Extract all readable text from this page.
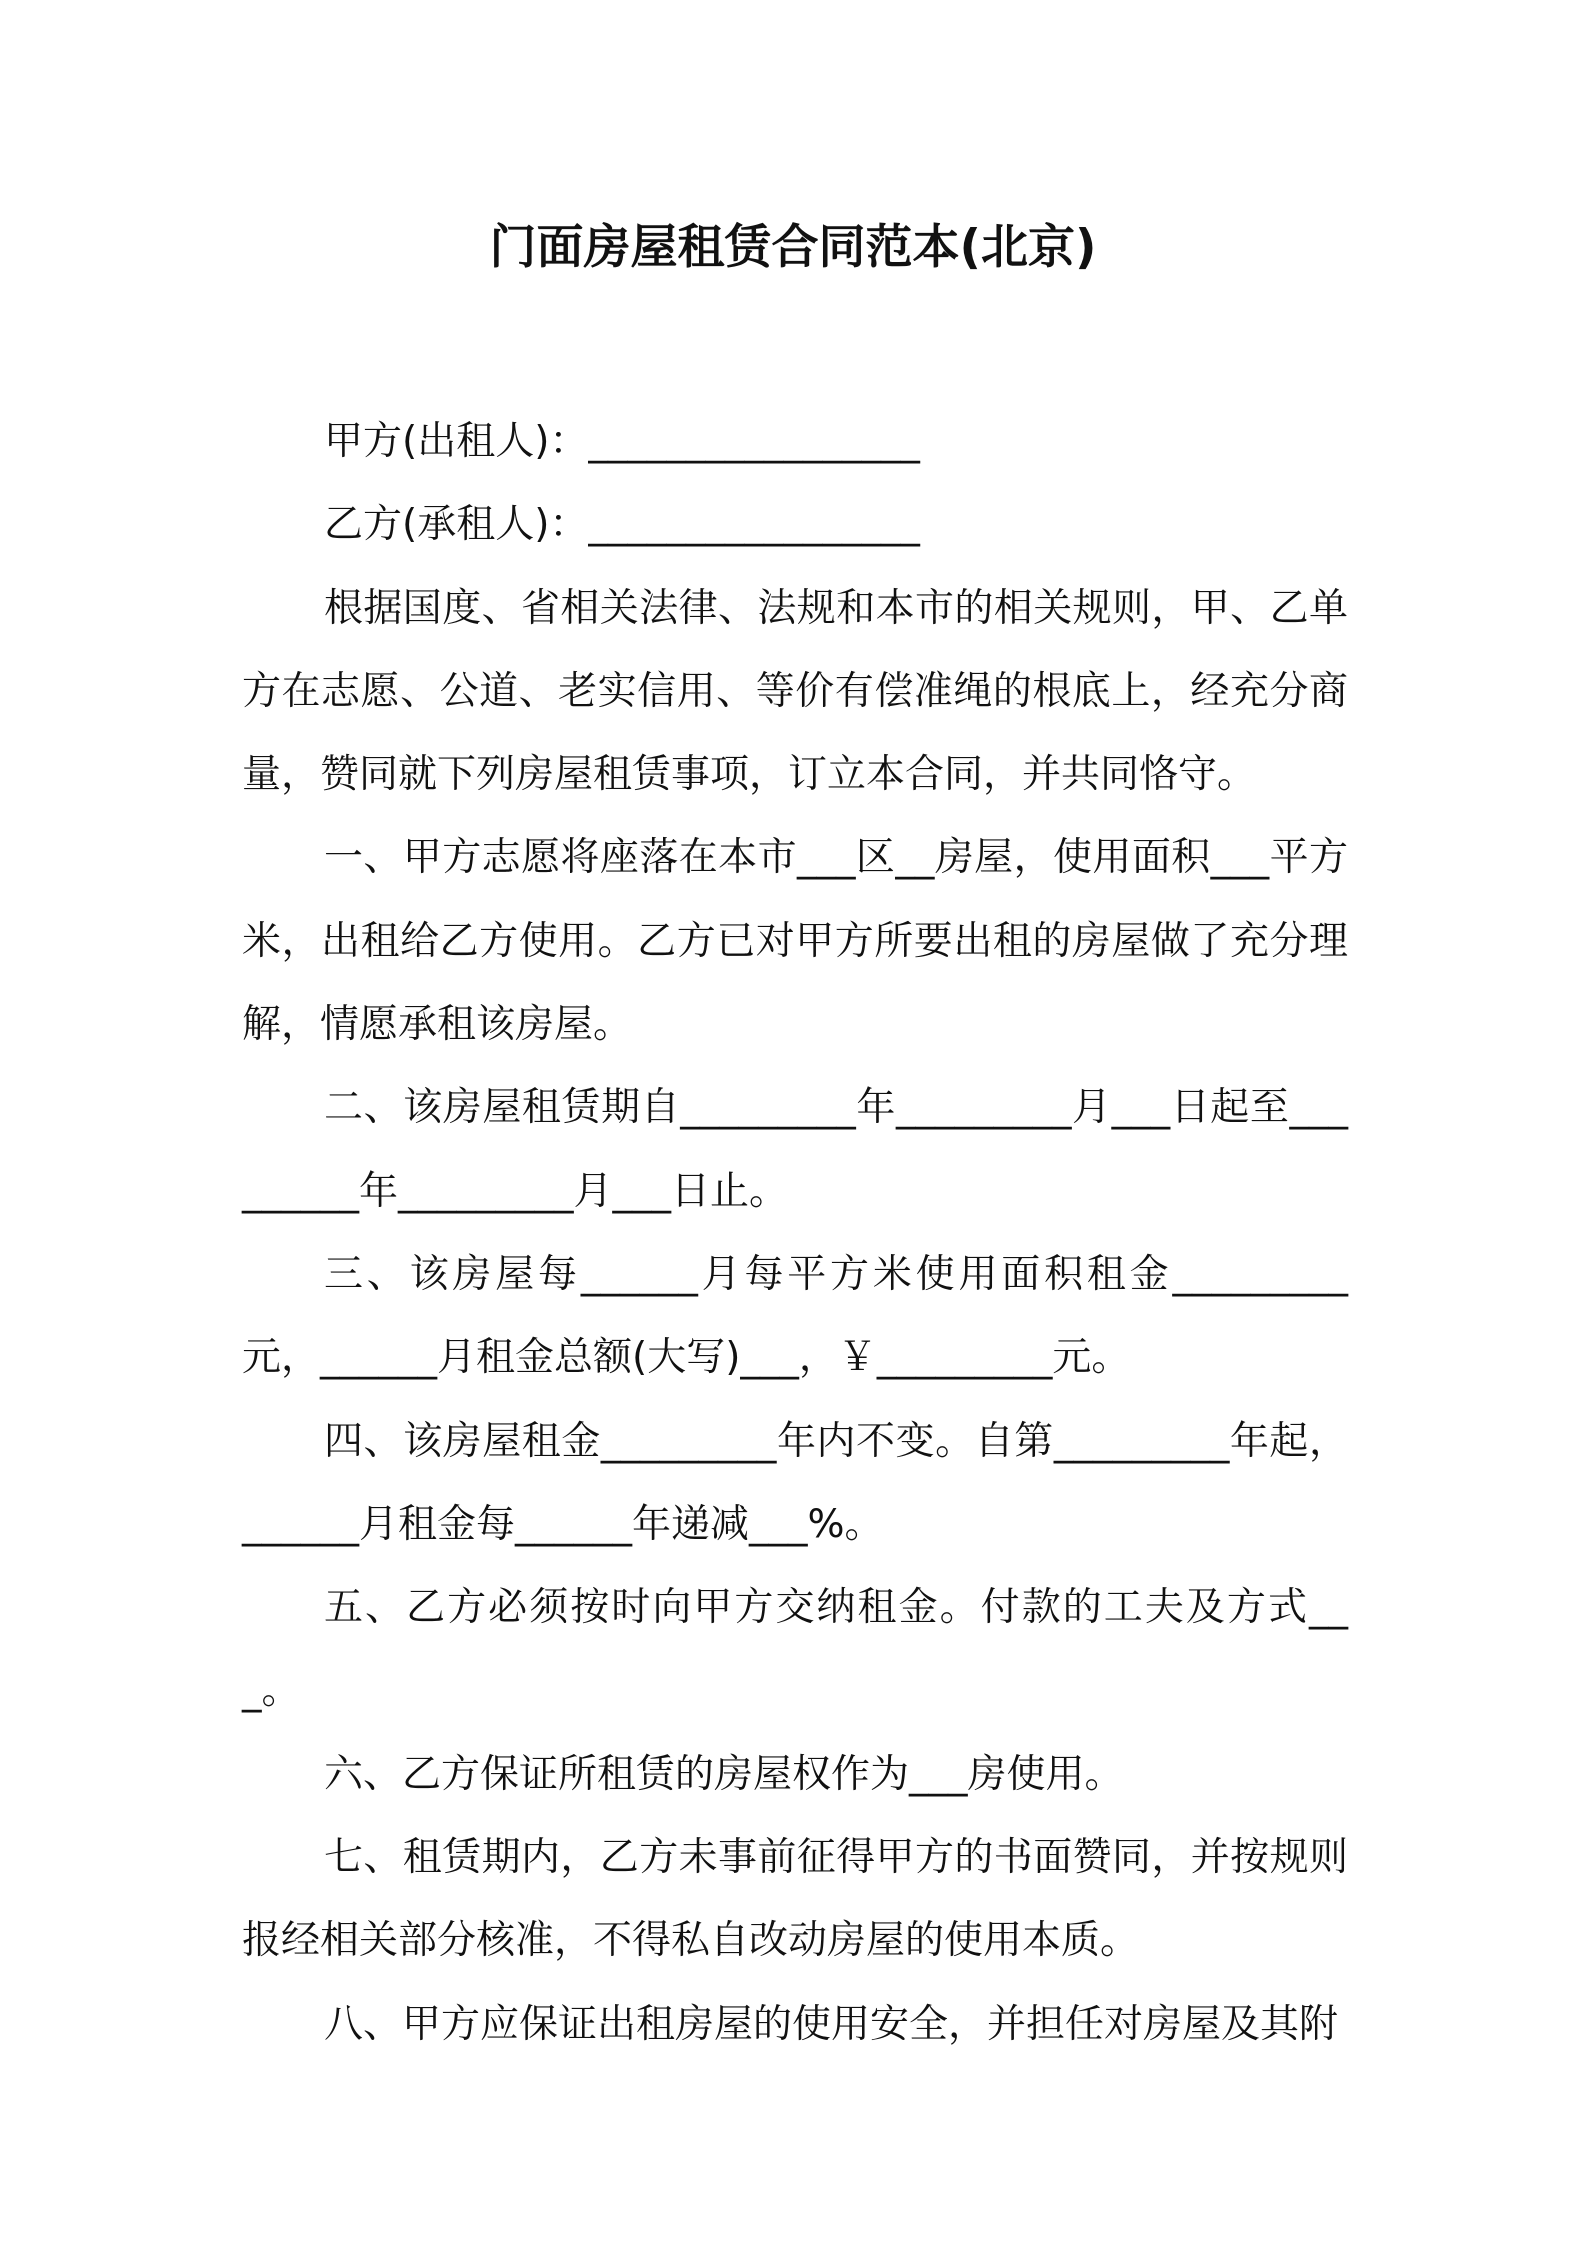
门面房屋租赁合同范本(北京)

甲方(出租人)：_________________

乙方(承租人)：_________________

根据国度、省相关法律、法规和本市的相关规则，甲、乙单方在志愿、公道、老实信用、等价有偿准绳的根底上，经充分商量，赞同就下列房屋租赁事项，订立本合同，并共同恪守。

一、甲方志愿将座落在本市___区__房屋，使用面积___平方米，出租给乙方使用。乙方已对甲方所要出租的房屋做了充分理解，情愿承租该房屋。

二、该房屋租赁期自_________年_________月___日起至_________年_________月___日止。

三、该房屋每______月每平方米使用面积租金_________元，______月租金总额(大写)___，￥_________元。

四、该房屋租金_________年内不变。自第_________年起，______月租金每______年递减___%。

五、乙方必须按时向甲方交纳租金。付款的工夫及方式___。

六、乙方保证所租赁的房屋权作为___房使用。

七、租赁期内，乙方未事前征得甲方的书面赞同，并按规则报经相关部分核准，不得私自改动房屋的使用本质。

八、甲方应保证出租房屋的使用安全，并担任对房屋及其附
